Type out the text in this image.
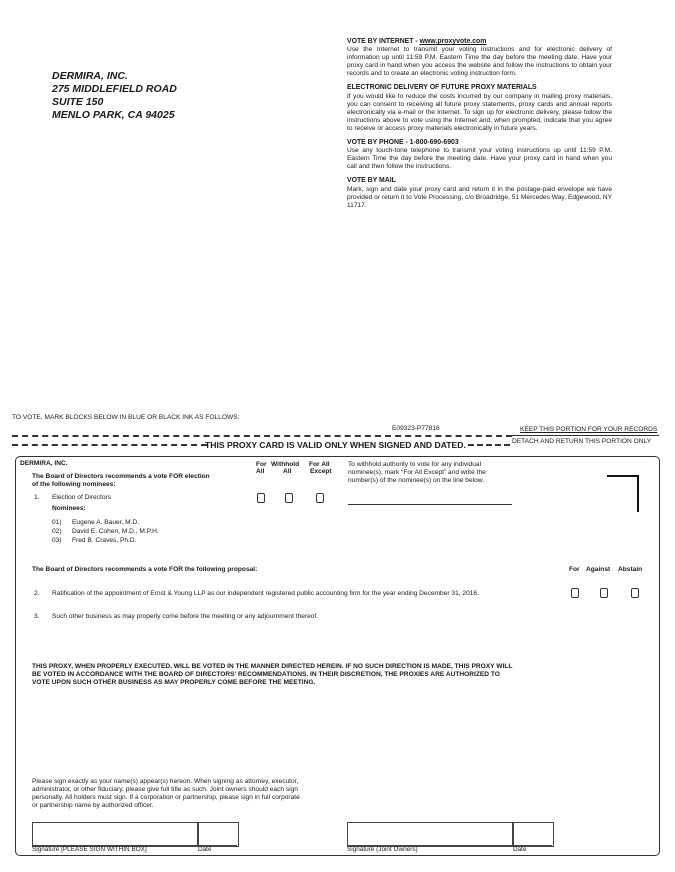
DERMIRA, INC.
275 MIDDLEFIELD ROAD
SUITE 150
MENLO PARK, CA 94025
VOTE BY INTERNET - www.proxyvote.com
Use the Internet to transmit your voting instructions and for electronic delivery of information up until 11:59 P.M. Eastern Time the day before the meeting date. Have your proxy card in hand when you access the website and follow the instructions to obtain your records and to create an electronic voting instruction form.
ELECTRONIC DELIVERY OF FUTURE PROXY MATERIALS
If you would like to reduce the costs incurred by our company in mailing proxy materials, you can consent to receiving all future proxy statements, proxy cards and annual reports electronically via e-mail or the Internet. To sign up for electronic delivery, please follow the instructions above to vote using the Internet and, when prompted, indicate that you agree to receive or access proxy materials electronically in future years.
VOTE BY PHONE - 1-800-690-6903
Use any touch-tone telephone to transmit your voting instructions up until 11:59 P.M. Eastern Time the day before the meeting date. Have your proxy card in hand when you call and then follow the instructions.
VOTE BY MAIL
Mark, sign and date your proxy card and return it in the postage-paid envelope we have provided or return it to Vote Processing, c/o Broadridge, 51 Mercedes Way, Edgewood, NY 11717.
TO VOTE, MARK BLOCKS BELOW IN BLUE OR BLACK INK AS FOLLOWS:
E09323-P77816	KEEP THIS PORTION FOR YOUR RECORDS
THIS PROXY CARD IS VALID ONLY WHEN SIGNED AND DATED.	DETACH AND RETURN THIS PORTION ONLY
DERMIRA, INC.
The Board of Directors recommends a vote FOR election
of the following nominees:
For
All
Withhold
All
For All
Except
To withhold authority to vote for any individual
nominee(s), mark “For All Except” and write the
number(s) of the nominee(s) on the line below.
1. Election of Directors
Nominees:
01) Eugene A. Bauer, M.D.
02) David E. Cohen, M.D., M.P.H.
03) Fred B. Craves, Ph.D.
The Board of Directors recommends a vote FOR the following proposal:	For Against Abstain
2. Ratification of the appointment of Ernst & Young LLP as our independent registered public accounting firm for the year ending December 31, 2016.
3. Such other business as may properly come before the meeting or any adjournment thereof.
THIS PROXY, WHEN PROPERLY EXECUTED, WILL BE VOTED IN THE MANNER DIRECTED HEREIN. IF NO SUCH DIRECTION IS MADE, THIS PROXY WILL
BE VOTED IN ACCORDANCE WITH THE BOARD OF DIRECTORS' RECOMMENDATIONS. IN THEIR DISCRETION, THE PROXIES ARE AUTHORIZED TO
VOTE UPON SUCH OTHER BUSINESS AS MAY PROPERLY COME BEFORE THE MEETING.
Please sign exactly as your name(s) appear(s) hereon. When signing as attorney, executor,
administrator, or other fiduciary, please give full title as such. Joint owners should each sign
personally. All holders must sign. If a corporation or partnership, please sign in full corporate
or partnership name by authorized officer.
Signature [PLEASE SIGN WITHIN BOX]	Date	Signature (Joint Owners)	Date
